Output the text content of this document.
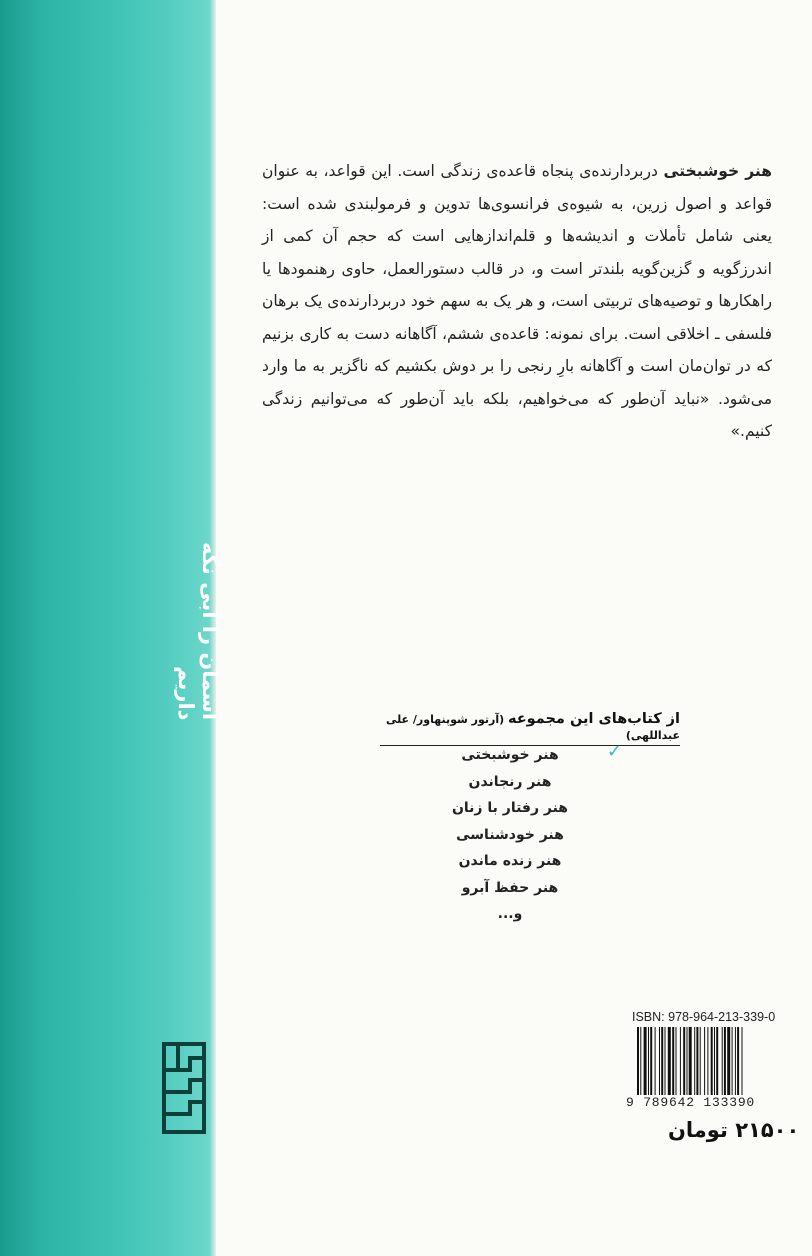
آسمان را آبی نگه داریم
هنر خوشبختی دربردارنده‌ی پنجاه قاعده‌ی زندگی است. این قواعد، به عنوان قواعد و اصول زرین، به شیوه‌ی فرانسوی‌ها تدوین و فرمولبندی شده است: یعنی شامل تأملات و اندیشه‌ها و قلم‌اندازهایی است که حجم آن کمی از اندرزگویه و گزین‌گویه بلندتر است و، در قالب دستورالعمل، حاوی رهنمودها یا راهکارها و توصیه‌های تربیتی است، و هر یک به سهم خود دربردارنده‌ی یک برهان فلسفی ـ اخلاقی است. برای نمونه: قاعده‌ی ششم، آگاهانه دست به کاری بزنیم که در توان‌مان است و آگاهانه بارِ رنجی را بر دوش بکشیم که ناگزیر به ما وارد می‌شود. «نباید آن‌طور که می‌خواهیم، بلکه باید آن‌طور که می‌توانیم زندگی کنیم.»
از کتاب‌های این مجموعه (آرتور شوپنهاور/ علی عبداللهی)
✓
هنر خوشبختی
هنر رنجاندن
هنر رفتار با زنان
هنر خودشناسی
هنر زنده ماندن
هنر حفظ آبرو
و...
ISBN: 978-964-213-339-0
9 789642 133390
۲۱۵۰۰ تومان
